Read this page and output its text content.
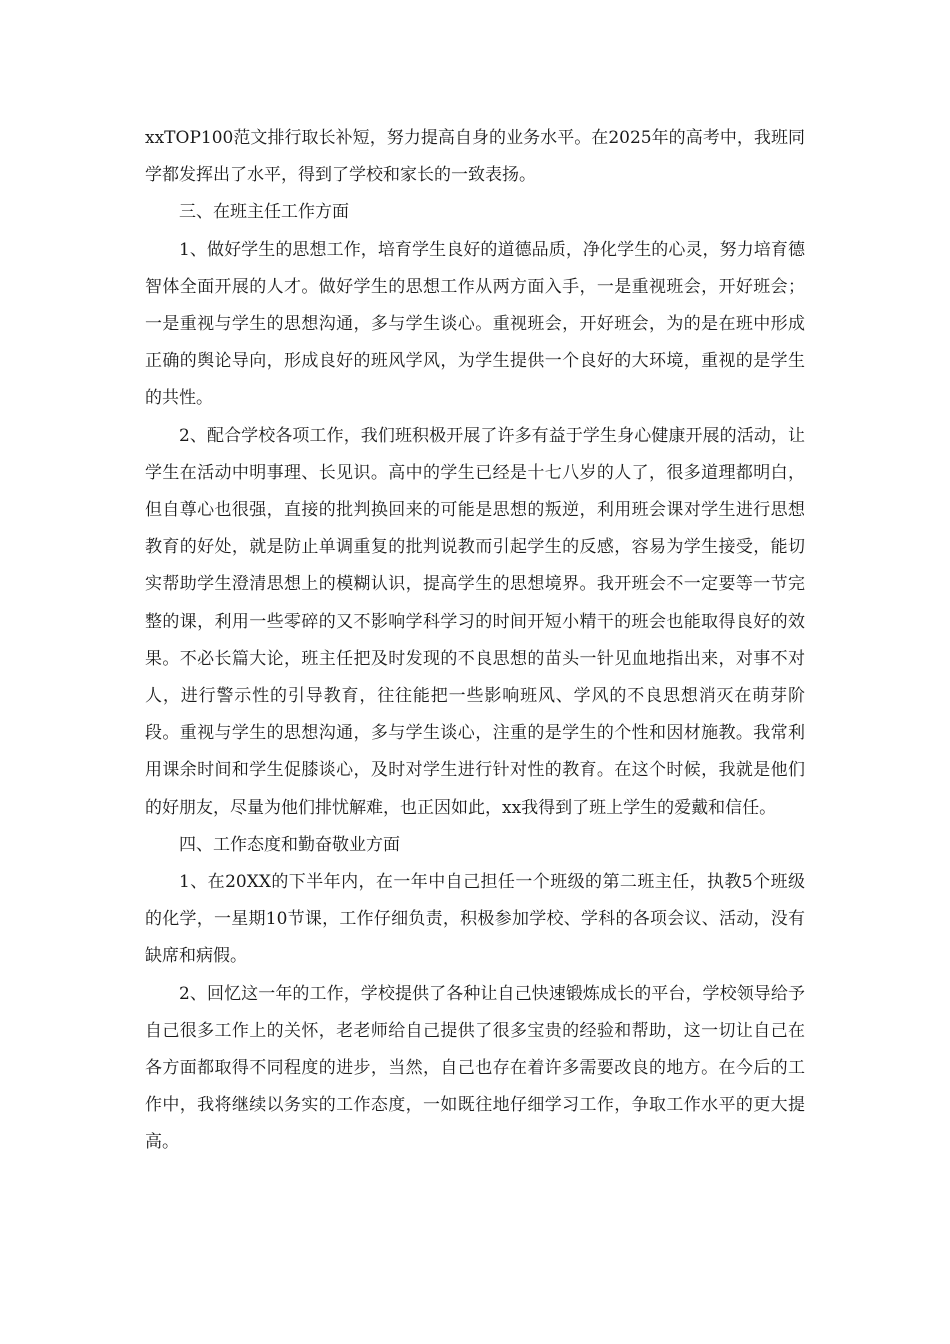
xxTOP100范文排行取长补短，努力提高自身的业务水平。在2025年的高考中，我班同学都发挥出了水平，得到了学校和家长的一致表扬。

三、在班主任工作方面

1、做好学生的思想工作，培育学生良好的道德品质，净化学生的心灵，努力培育德智体全面开展的人才。做好学生的思想工作从两方面入手，一是重视班会，开好班会；一是重视与学生的思想沟通，多与学生谈心。重视班会，开好班会，为的是在班中形成正确的舆论导向，形成良好的班风学风，为学生提供一个良好的大环境，重视的是学生的共性。

2、配合学校各项工作，我们班积极开展了许多有益于学生身心健康开展的活动，让学生在活动中明事理、长见识。高中的学生已经是十七八岁的人了，很多道理都明白，但自尊心也很强，直接的批判换回来的可能是思想的叛逆，利用班会课对学生进行思想教育的好处，就是防止单调重复的批判说教而引起学生的反感，容易为学生接受，能切实帮助学生澄清思想上的模糊认识，提高学生的思想境界。我开班会不一定要等一节完整的课，利用一些零碎的又不影响学科学习的时间开短小精干的班会也能取得良好的效果。不必长篇大论，班主任把及时发现的不良思想的苗头一针见血地指出来，对事不对人，进行警示性的引导教育，往往能把一些影响班风、学风的不良思想消灭在萌芽阶段。重视与学生的思想沟通，多与学生谈心，注重的是学生的个性和因材施教。我常利用课余时间和学生促膝谈心，及时对学生进行针对性的教育。在这个时候，我就是他们的好朋友，尽量为他们排忧解难，也正因如此，xx我得到了班上学生的爱戴和信任。

四、工作态度和勤奋敬业方面

1、在20XX的下半年内，在一年中自己担任一个班级的第二班主任，执教5个班级的化学，一星期10节课，工作仔细负责，积极参加学校、学科的各项会议、活动，没有缺席和病假。

2、回忆这一年的工作，学校提供了各种让自己快速锻炼成长的平台，学校领导给予自己很多工作上的关怀，老老师给自己提供了很多宝贵的经验和帮助，这一切让自己在各方面都取得不同程度的进步，当然，自己也存在着许多需要改良的地方。在今后的工作中，我将继续以务实的工作态度，一如既往地仔细学习工作，争取工作水平的更大提高。
